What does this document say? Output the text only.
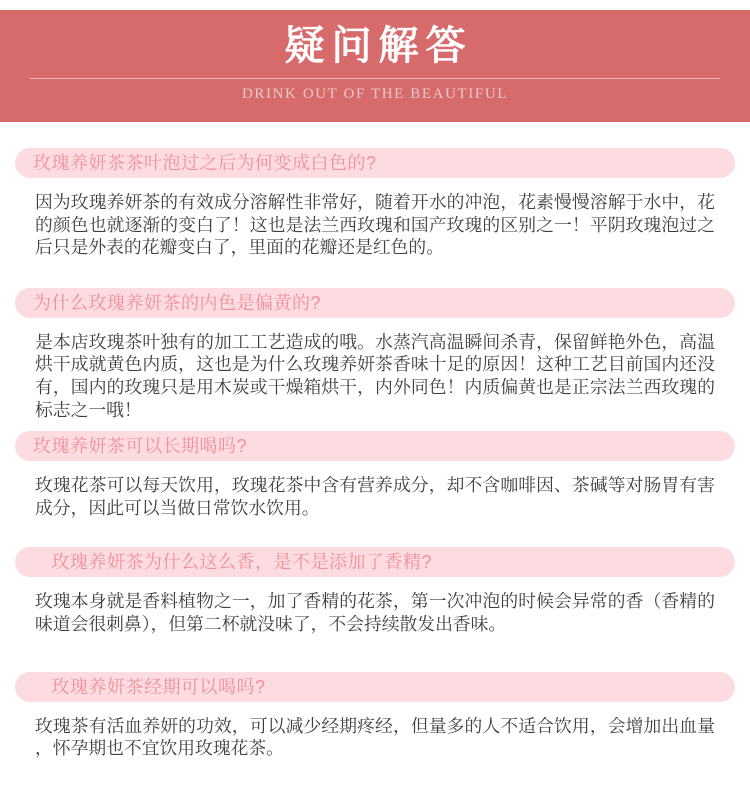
疑问解答
DRINK OUT OF THE BEAUTIFUL
玫瑰养妍茶茶叶泡过之后为何变成白色的?

因为玫瑰养妍茶的有效成分溶解性非常好，随着开水的冲泡，花素慢慢溶解于水中，花的颜色也就逐渐的变白了！这也是法兰西玫瑰和国产玫瑰的区别之一！平阴玫瑰泡过之后只是外表的花瓣变白了，里面的花瓣还是红色的。

为什么玫瑰养妍茶的内色是偏黄的?

是本店玫瑰茶叶独有的加工工艺造成的哦。水蒸汽高温瞬间杀青，保留鲜艳外色，高温烘干成就黄色内质，这也是为什么玫瑰养妍茶香味十足的原因！这种工艺目前国内还没有，国内的玫瑰只是用木炭或干燥箱烘干，内外同色！内质偏黄也是正宗法兰西玫瑰的标志之一哦！

玫瑰养妍茶可以长期喝吗?

玫瑰花茶可以每天饮用，玫瑰花茶中含有营养成分，却不含咖啡因、茶碱等对肠胃有害成分，因此可以当做日常饮水饮用。

　玫瑰养妍茶为什么这么香，是不是添加了香精?

玫瑰本身就是香料植物之一，加了香精的花茶，第一次冲泡的时候会异常的香（香精的味道会很刺鼻），但第二杯就没味了，不会持续散发出香味。

　玫瑰养妍茶经期可以喝吗?

玫瑰茶有活血养妍的功效，可以减少经期疼经，但量多的人不适合饮用，会增加出血量 ，怀孕期也不宜饮用玫瑰花茶。
